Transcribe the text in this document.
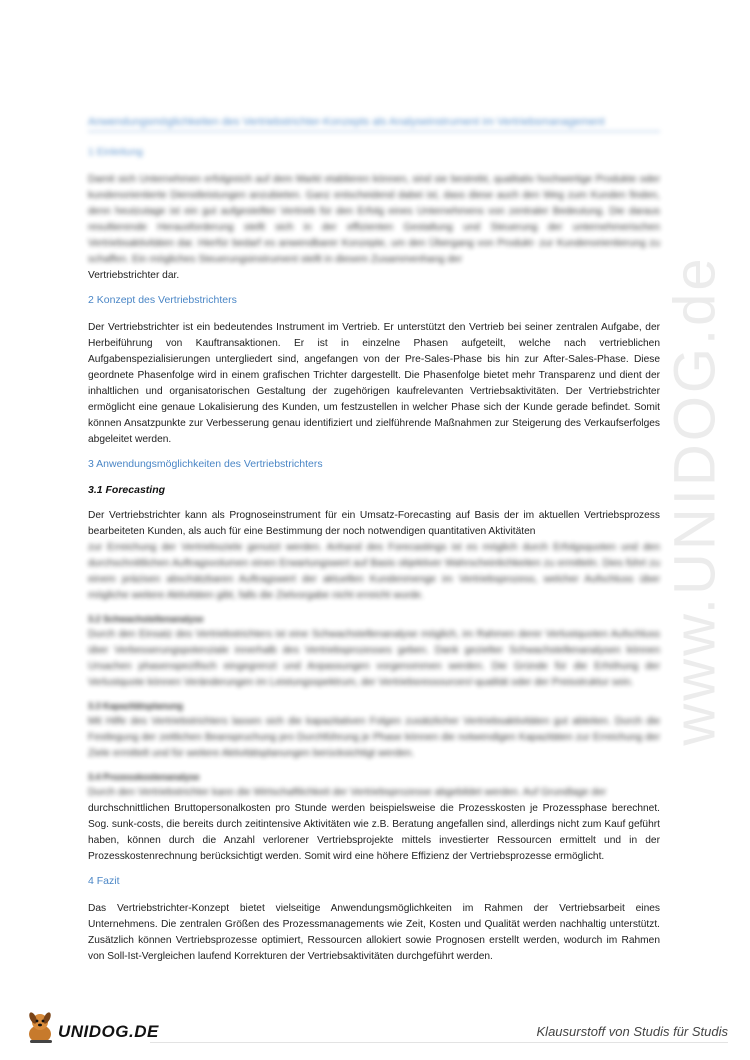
www.UNIDOG.de
Anwendungsmöglichkeiten des Vertriebstrichter-Konzepts als Analyseinstrument im Vertriebsmanagement
1 Einleitung

Damit sich Unternehmen erfolgreich auf dem Markt etablieren können, sind sie bestrebt, qualitativ hochwertige Produkte oder kundenorientierte Dienstleistungen anzubieten. Ganz entscheidend dabei ist, dass diese auch den Weg zum Kunden finden, denn heutzutage ist ein gut aufgestellter Vertrieb für den Erfolg eines Unternehmens von zentraler Bedeutung. Die daraus resultierende Herausforderung stellt sich in der effizienten Gestaltung und Steuerung der unternehmerischen Vertriebsaktivitäten dar. Hierfür bedarf es anwendbarer Konzepte, um den Übergang von Produkt- zur Kundenorientierung zu schaffen. Ein mögliches Steuerungsinstrument stellt in diesem Zusammenhang der

Vertriebstrichter dar.

2 Konzept des Vertriebstrichters

Der Vertriebstrichter ist ein bedeutendes Instrument im Vertrieb. Er unterstützt den Vertrieb bei seiner zentralen Aufgabe, der Herbeiführung von Kauftransaktionen. Er ist in einzelne Phasen aufgeteilt, welche nach vertrieblichen Aufgabenspezialisierungen untergliedert sind, angefangen von der Pre-Sales-Phase bis hin zur After-Sales-Phase. Diese geordnete Phasenfolge wird in einem grafischen Trichter dargestellt. Die Phasenfolge bietet mehr Transparenz und dient der inhaltlichen und organisatorischen Gestaltung der zugehörigen kaufrelevanten Vertriebsaktivitäten. Der Vertriebstrichter ermöglicht eine genaue Lokalisierung des Kunden, um festzustellen in welcher Phase sich der Kunde gerade befindet. Somit können Ansatzpunkte zur Verbesserung genau identifiziert und zielführende Maßnahmen zur Steigerung des Verkaufserfolges abgeleitet werden.

3 Anwendungsmöglichkeiten des Vertriebstrichters
3.1 Forecasting

Der Vertriebstrichter kann als Prognoseinstrument für ein Umsatz-Forecasting auf Basis der im aktuellen Vertriebsprozess bearbeiteten Kunden, als auch für eine Bestimmung der noch notwendigen quantitativen Aktivitäten

zur Erreichung der Vertriebsziele genutzt werden. Anhand des Forecastings ist es möglich durch Erfolgsquoten und den durchschnittlichen Auftragsvolumen einen Erwartungswert auf Basis objektiver Wahrscheinlichkeiten zu ermitteln. Dies führt zu einem präzisen abschätzbaren Auftragswert der aktuellen Kundenmenge im Vertriebsprozess, welcher Aufschluss über mögliche weitere Aktivitäten gibt, falls die Zielvorgabe nicht erreicht wurde.

3.2 Schwachstellenanalyse

Durch den Einsatz des Vertriebstrichters ist eine Schwachstellenanalyse möglich, im Rahmen derer Verlustquoten Aufschluss über Verbesserungspotenziale innerhalb des Vertriebsprozesses geben. Dank gezielter Schwachstellenanalysen können Ursachen phasenspezifisch eingegrenzt und Anpassungen vorgenommen werden. Die Gründe für die Erhöhung der Verlustquote können Veränderungen im Leistungsspektrum, der Vertriebsressourcen/-qualität oder der Preisstruktur sein.

3.3 Kapazitätsplanung

Mit Hilfe des Vertriebstrichters lassen sich die kapazitativen Folgen zusätzlicher Vertriebsaktivitäten gut ableiten. Durch die Festlegung der zeitlichen Beanspruchung pro Durchführung je Phase können die notwendigen Kapazitäten zur Erreichung der Ziele ermittelt und für weitere Aktivitätsplanungen berücksichtigt werden.

3.4 Prozesskostenanalyse

Durch den Vertriebstrichter kann die Wirtschaftlichkeit der Vertriebsprozesse abgebildet werden. Auf Grundlage der

durchschnittlichen Bruttopersonalkosten pro Stunde werden beispielsweise die Prozesskosten je Prozessphase berechnet. Sog. sunk-costs, die bereits durch zeitintensive Aktivitäten wie z.B. Beratung angefallen sind, allerdings nicht zum Kauf geführt haben, können durch die Anzahl verlorener Vertriebsprojekte mittels investierter Ressourcen ermittelt und in der Prozesskostenrechnung berücksichtigt werden. Somit wird eine höhere Effizienz der Vertriebsprozesse ermöglicht.

4 Fazit

Das Vertriebstrichter-Konzept bietet vielseitige Anwendungsmöglichkeiten im Rahmen der Vertriebsarbeit eines Unternehmens. Die zentralen Größen des Prozessmanagements wie Zeit, Kosten und Qualität werden nachhaltig unterstützt. Zusätzlich können Vertriebsprozesse optimiert, Ressourcen allokiert sowie Prognosen erstellt werden, wodurch im Rahmen von Soll-Ist-Vergleichen laufend Korrekturen der Vertriebsaktivitäten durchgeführt werden.

UNIDOG.DE	Klausurstoff von Studis für Studis
